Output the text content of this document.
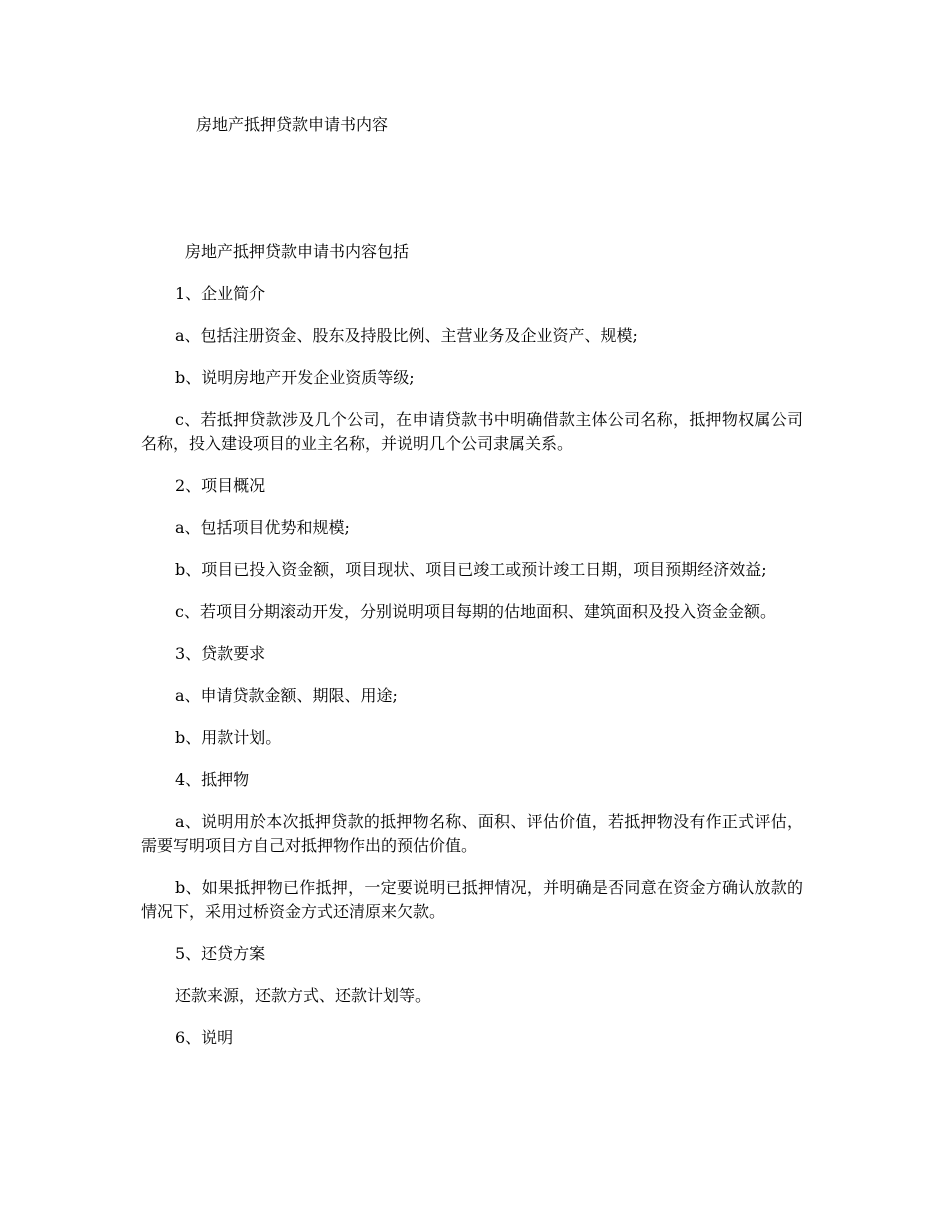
房地产抵押贷款申请书内容

房地产抵押贷款申请书内容包括

1、企业简介

a、包括注册资金、股东及持股比例、主营业务及企业资产、规模;

b、说明房地产开发企业资质等级;

c、若抵押贷款涉及几个公司，在申请贷款书中明确借款主体公司名称，抵押物权属公司名称，投入建设项目的业主名称，并说明几个公司隶属关系。

2、项目概况

a、包括项目优势和规模;

b、项目已投入资金额，项目现状、项目已竣工或预计竣工日期，项目预期经济效益;

c、若项目分期滚动开发，分别说明项目每期的估地面积、建筑面积及投入资金金额。

3、贷款要求

a、申请贷款金额、期限、用途;

b、用款计划。

4、抵押物

a、说明用於本次抵押贷款的抵押物名称、面积、评估价值，若抵押物没有作正式评估，需要写明项目方自己对抵押物作出的预估价值。

b、如果抵押物已作抵押，一定要说明已抵押情况，并明确是否同意在资金方确认放款的情况下，采用过桥资金方式还清原来欠款。

5、还贷方案

还款来源，还款方式、还款计划等。

6、说明
